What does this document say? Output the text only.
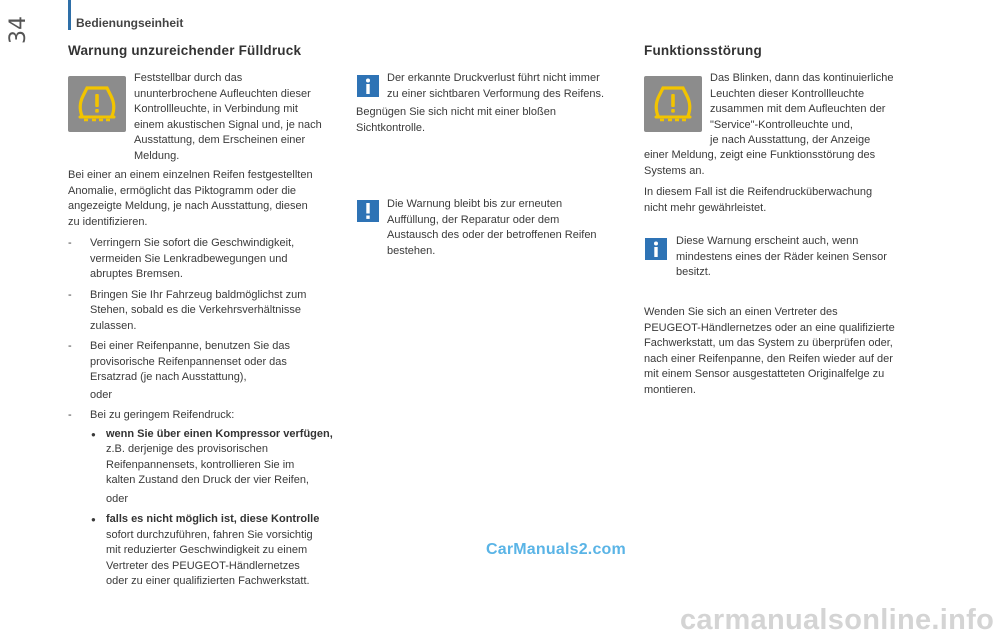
34	Bedienungseinheit
Warnung unzureichender Fülldruck

Feststellbar durch das

ununterbrochene Aufleuchten dieser

Kontrollleuchte, in Verbindung mit

einem akustischen Signal und, je nach

Ausstattung, dem Erscheinen einer

Meldung.

Bei einer an einem einzelnen Reifen festgestellten

Anomalie, ermöglicht das Piktogramm oder die

angezeigte Meldung, je nach Ausstattung, diesen

zu identifizieren.

- Verringern Sie sofort die Geschwindigkeit,
vermeiden Sie Lenkradbewegungen und
abruptes Bremsen.
- Bringen Sie Ihr Fahrzeug baldmöglichst zum
Stehen, sobald es die Verkehrsverhältnisse
zulassen.
- Bei einer Reifenpanne, benutzen Sie das
provisorische Reifenpannenset oder das
Ersatzrad (je nach Ausstattung),
oder
- Bei zu geringem Reifendruck:
● wenn Sie über einen Kompressor verfügen,
z.B. derjenige des provisorischen
Reifenpannensets, kontrollieren Sie im
kalten Zustand den Druck der vier Reifen,
oder
● falls es nicht möglich ist, diese Kontrolle
sofort durchzuführen, fahren Sie vorsichtig
mit reduzierter Geschwindigkeit zu einem
Vertreter des PEUGEOT-Händlernetzes
oder zu einer qualifizierten Fachwerkstatt.

Der erkannte Druckverlust führt nicht immer

zu einer sichtbaren Verformung des Reifens.

Begnügen Sie sich nicht mit einer bloßen

Sichtkontrolle.

Die Warnung bleibt bis zur erneuten

Auffüllung, der Reparatur oder dem

Austausch des oder der betroffenen Reifen

bestehen.

Funktionsstörung

Das Blinken, dann das kontinuierliche

Leuchten dieser Kontrollleuchte

zusammen mit dem Aufleuchten der

"Service"-Kontrolleuchte und,

je nach Ausstattung, der Anzeige

einer Meldung, zeigt eine Funktionsstörung des

Systems an.

In diesem Fall ist die Reifendrucküberwachung

nicht mehr gewährleistet.

Diese Warnung erscheint auch, wenn

mindestens eines der Räder keinen Sensor

besitzt.

Wenden Sie sich an einen Vertreter des

PEUGEOT-Händlernetzes oder an eine qualifizierte

Fachwerkstatt, um das System zu überprüfen oder,

nach einer Reifenpanne, den Reifen wieder auf der

mit einem Sensor ausgestatteten Originalfelge zu

montieren.

CarManuals2.com
carmanualsonline.info
